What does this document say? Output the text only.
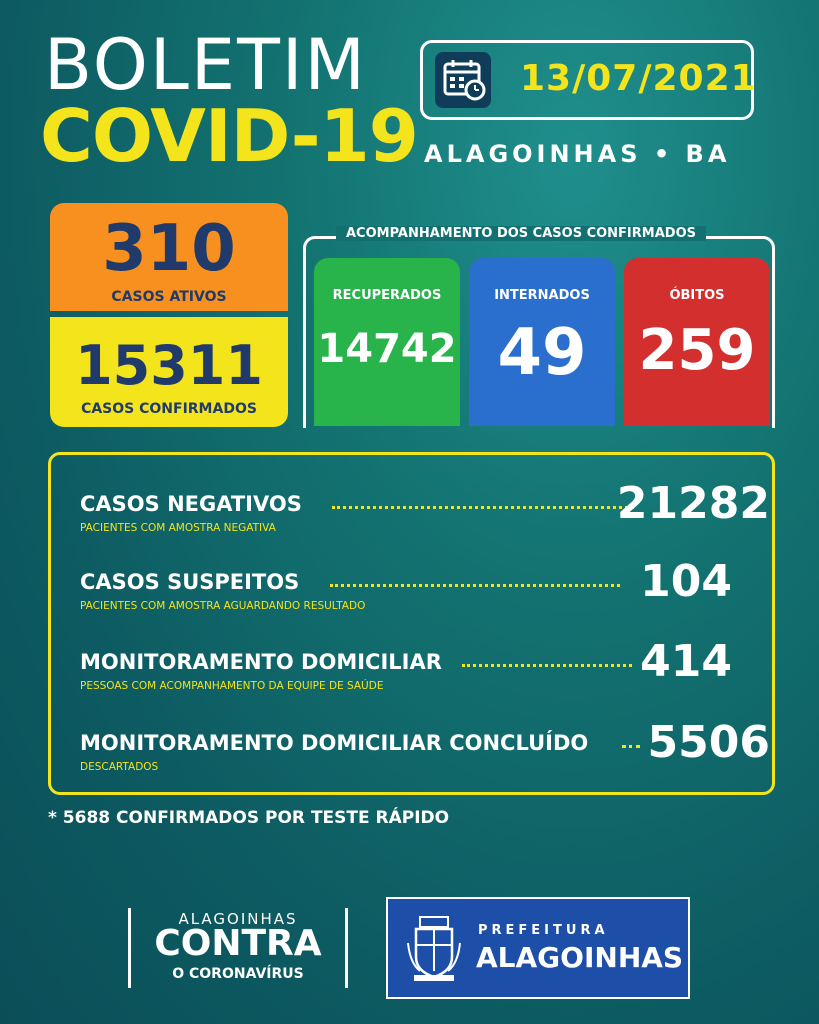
BOLETIM
COVID-19
13/07/2021
ALAGOINHAS • BA
310
CASOS ATIVOS
15311
CASOS CONFIRMADOS
ACOMPANHAMENTO DOS CASOS CONFIRMADOS
RECUPERADOS
14742
INTERNADOS
49
ÓBITOS
259
CASOS NEGATIVOS
PACIENTES COM AMOSTRA NEGATIVA	21282
CASOS SUSPEITOS
PACIENTES COM AMOSTRA AGUARDANDO RESULTADO	104
MONITORAMENTO DOMICILIAR
PESSOAS COM ACOMPANHAMENTO DA EQUIPE DE SAÚDE	414
MONITORAMENTO DOMICILIAR CONCLUÍDO
DESCARTADOS	5506
* 5688 CONFIRMADOS POR TESTE RÁPIDO
ALAGOINHAS
CONTRA
O CORONAVÍRUS
PREFEITURA
ALAGOINHAS
